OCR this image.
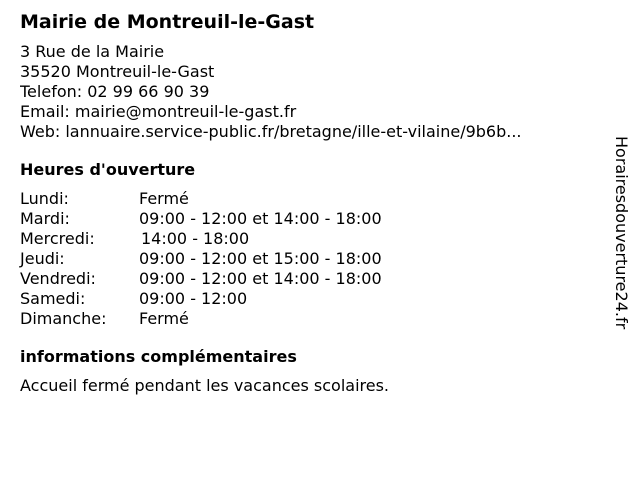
Mairie de Montreuil-le-Gast
3 Rue de la Mairie
35520 Montreuil-le-Gast
Telefon: 02 99 66 90 39
Email: mairie@montreuil-le-gast.fr
Web: lannuaire.service-public.fr/bretagne/ille-et-vilaine/9b6b...
Heures d'ouverture
Lundi:	Fermé
Mardi:	09:00 - 12:00 et 14:00 - 18:00
Mercredi:	14:00 - 18:00
Jeudi:	09:00 - 12:00 et 15:00 - 18:00
Vendredi:	09:00 - 12:00 et 14:00 - 18:00
Samedi:	09:00 - 12:00
Dimanche:	Fermé
informations complémentaires
Accueil fermé pendant les vacances scolaires.
Horairesdouverture24.fr
